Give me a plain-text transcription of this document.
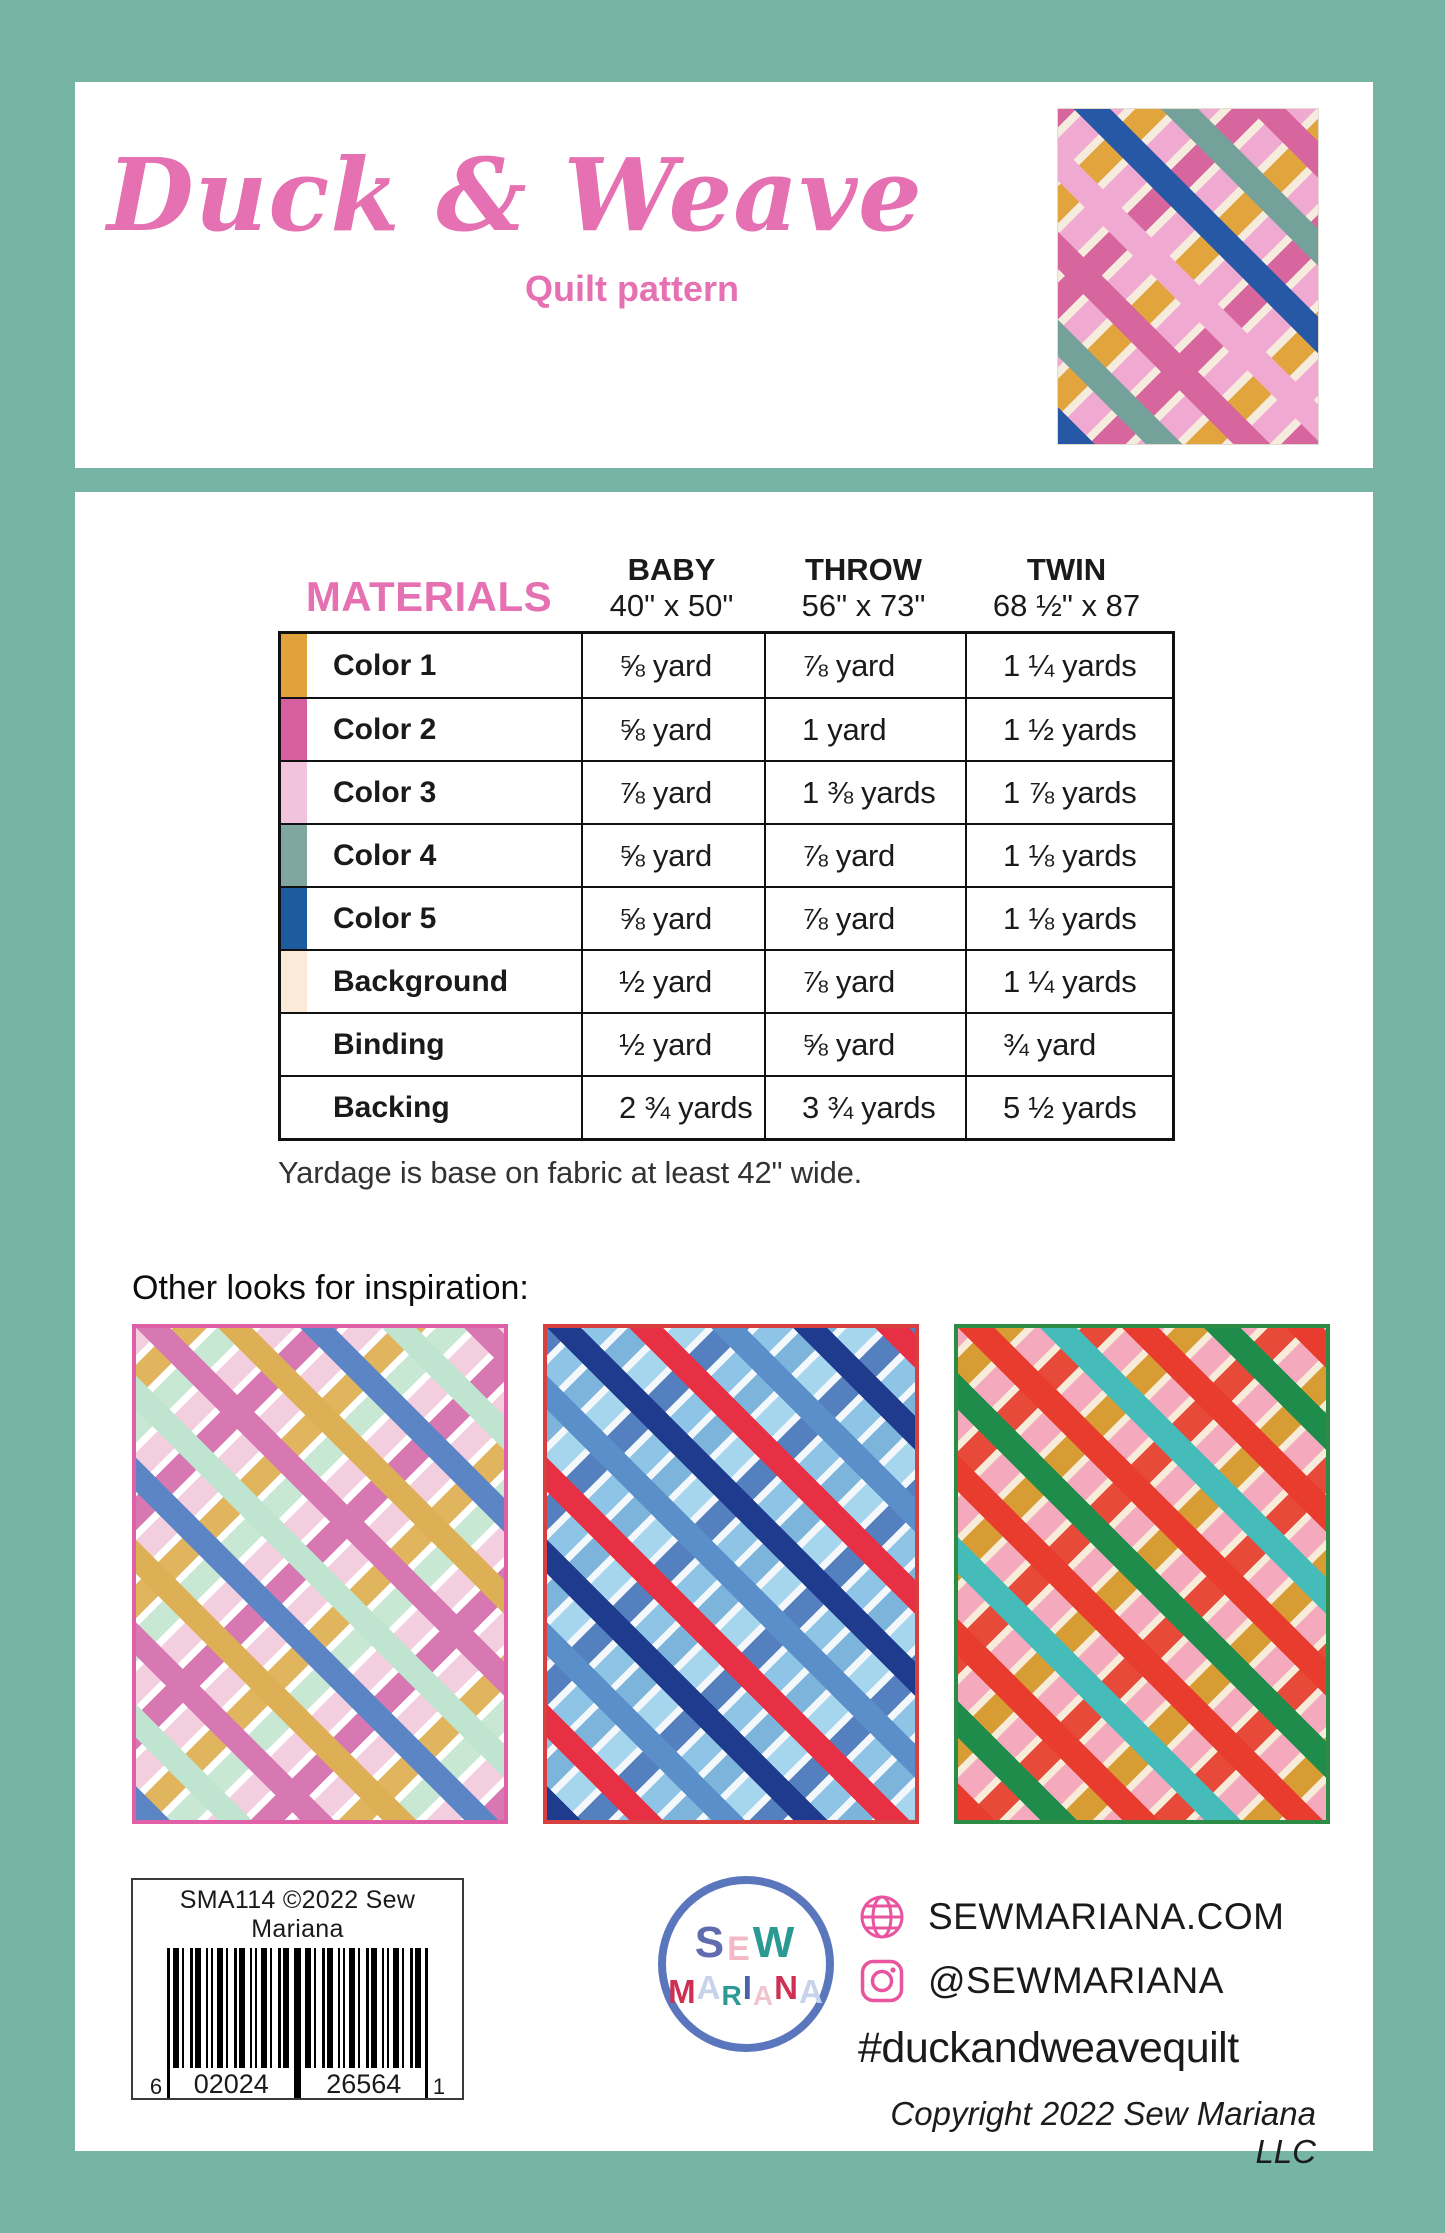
Duck & Weave
Quilt pattern
MATERIALS
BABY
40" x 50"
THROW
56" x 73"
TWIN
68 ½" x 87
Color 1	⅝ yard	⅞ yard	1 ¼ yards
Color 2	⅝ yard	1 yard	1 ½ yards
Color 3	⅞ yard	1 ⅜ yards	1 ⅞ yards
Color 4	⅝ yard	⅞ yard	1 ⅛ yards
Color 5	⅝ yard	⅞ yard	1 ⅛ yards
Background	½ yard	⅞ yard	1 ¼ yards
Binding	½ yard	⅝ yard	¾ yard
Backing	2 ¾ yards	3 ¾ yards	5 ½ yards
Yardage is base on fabric at least 42" wide.
Other looks for inspiration:
SMA114 ©2022 Sew Mariana
6	02024	26564	1
SEW
MARIANA
SEWMARIANA.COM
@SEWMARIANA
#duckandweavequilt
Copyright 2022 Sew Mariana LLC
